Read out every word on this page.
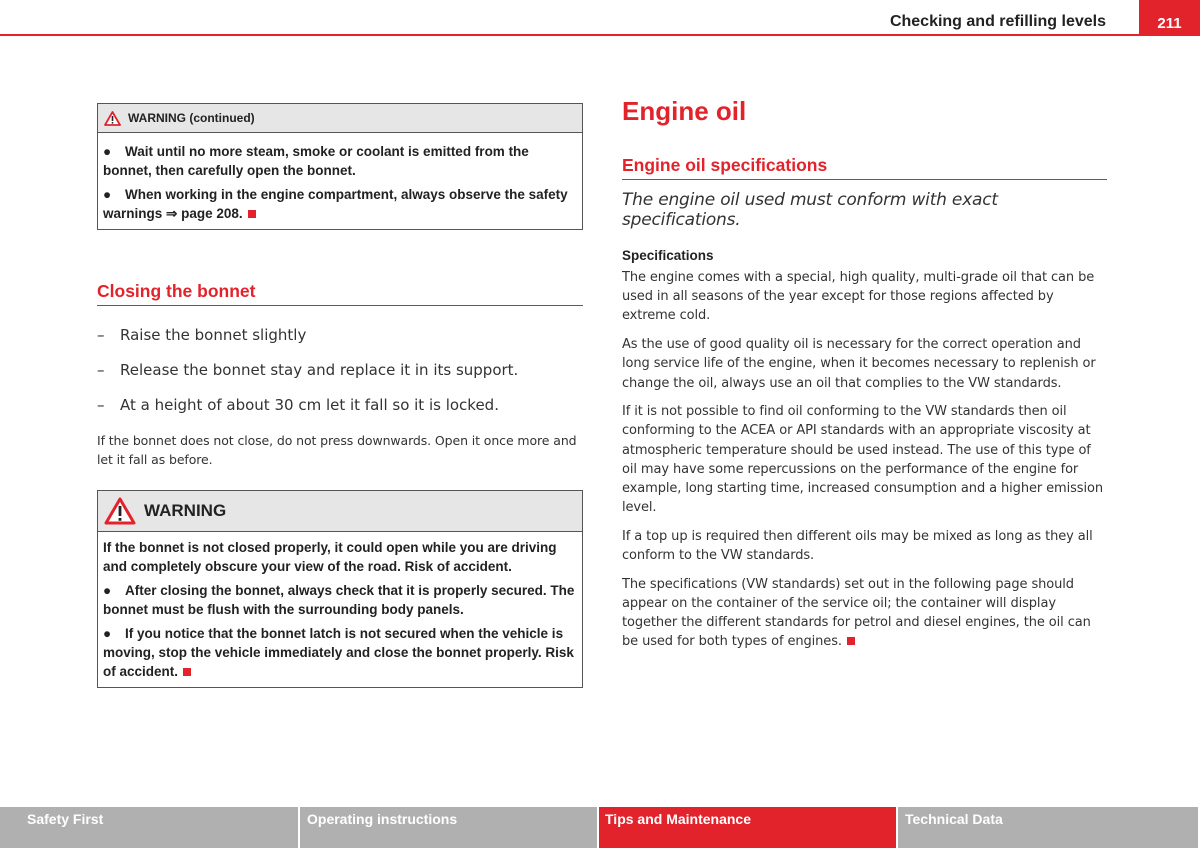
Checking and refilling levels	211
WARNING (continued)

● Wait until no more steam, smoke or coolant is emitted from the bonnet, then carefully open the bonnet.

● When working in the engine compartment, always observe the safety warnings ⇒ page 208.

Closing the bonnet
– Raise the bonnet slightly
– Release the bonnet stay and replace it in its support.
– At a height of about 30 cm let it fall so it is locked.

If the bonnet does not close, do not press downwards. Open it once more and let it fall as before.

WARNING

If the bonnet is not closed properly, it could open while you are driving and completely obscure your view of the road. Risk of accident.

● After closing the bonnet, always check that it is properly secured. The bonnet must be flush with the surrounding body panels.

● If you notice that the bonnet latch is not secured when the vehicle is moving, stop the vehicle immediately and close the bonnet properly. Risk of accident.

Engine oil
Engine oil specifications

The engine oil used must conform with exact specifications.

Specifications

The engine comes with a special, high quality, multi-grade oil that can be used in all seasons of the year except for those regions affected by extreme cold.

As the use of good quality oil is necessary for the correct operation and long service life of the engine, when it becomes necessary to replenish or change the oil, always use an oil that complies to the VW standards.

If it is not possible to find oil conforming to the VW standards then oil conforming to the ACEA or API standards with an appropriate viscosity at atmospheric temperature should be used instead. The use of this type of oil may have some repercussions on the performance of the engine for example, long starting time, increased consumption and a higher emission level.

If a top up is required then different oils may be mixed as long as they all conform to the VW standards.

The specifications (VW standards) set out in the following page should appear on the container of the service oil; the container will display together the different standards for petrol and diesel engines, the oil can be used for both types of engines.

Safety First	Operating instructions	Tips and Maintenance	Technical Data
